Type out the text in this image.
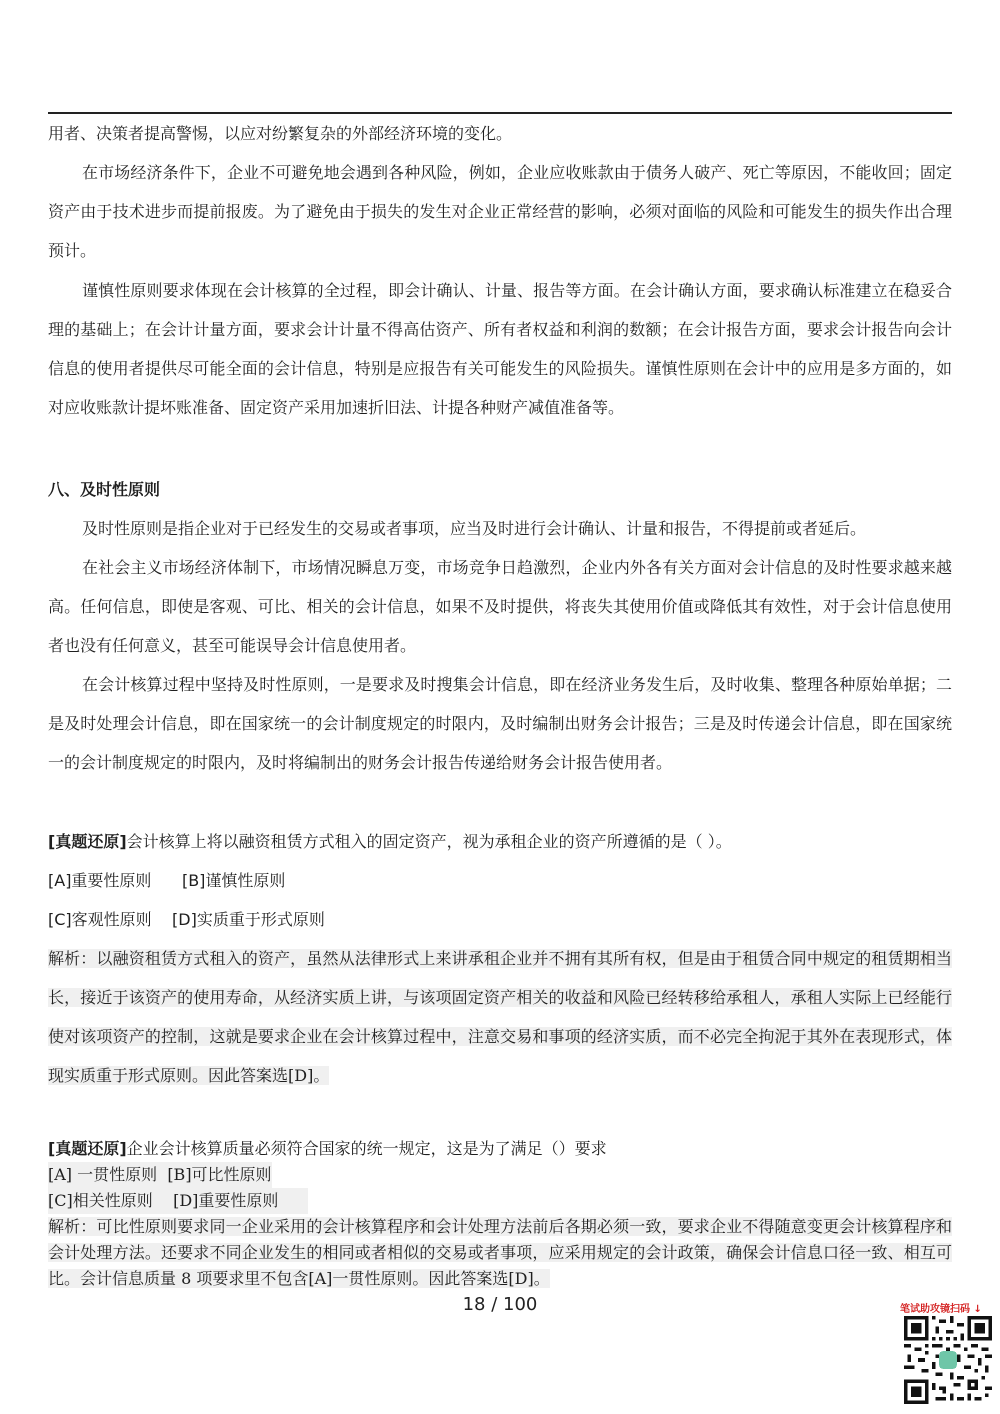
用者、决策者提高警惕，以应对纷繁复杂的外部经济环境的变化。

在市场经济条件下，企业不可避免地会遇到各种风险，例如，企业应收账款由于债务人破产、死亡等原因，不能收回；固定资产由于技术进步而提前报废。为了避免由于损失的发生对企业正常经营的影响，必须对面临的风险和可能发生的损失作出合理预计。

谨慎性原则要求体现在会计核算的全过程，即会计确认、计量、报告等方面。在会计确认方面，要求确认标准建立在稳妥合理的基础上；在会计计量方面，要求会计计量不得高估资产、所有者权益和利润的数额；在会计报告方面，要求会计报告向会计信息的使用者提供尽可能全面的会计信息，特别是应报告有关可能发生的风险损失。谨慎性原则在会计中的应用是多方面的，如对应收账款计提坏账准备、固定资产采用加速折旧法、计提各种财产减值准备等。

八、及时性原则

及时性原则是指企业对于已经发生的交易或者事项，应当及时进行会计确认、计量和报告，不得提前或者延后。

在社会主义市场经济体制下，市场情况瞬息万变，市场竞争日趋激烈，企业内外各有关方面对会计信息的及时性要求越来越高。任何信息，即使是客观、可比、相关的会计信息，如果不及时提供，将丧失其使用价值或降低其有效性，对于会计信息使用者也没有任何意义，甚至可能误导会计信息使用者。

在会计核算过程中坚持及时性原则，一是要求及时搜集会计信息，即在经济业务发生后，及时收集、整理各种原始单据；二是及时处理会计信息，即在国家统一的会计制度规定的时限内，及时编制出财务会计报告；三是及时传递会计信息，即在国家统一的会计制度规定的时限内，及时将编制出的财务会计报告传递给财务会计报告使用者。

[真题还原]会计核算上将以融资租赁方式租入的固定资产，视为承租企业的资产所遵循的是（ ）。
[A]重要性原则 [B]谨慎性原则
[C]客观性原则 [D]实质重于形式原则
解析：以融资租赁方式租入的资产，虽然从法律形式上来讲承租企业并不拥有其所有权，但是由于租赁合同中规定的租赁期相当长，接近于该资产的使用寿命，从经济实质上讲，与该项固定资产相关的收益和风险已经转移给承租人，承租人实际上已经能行使对该项资产的控制，这就是要求企业在会计核算过程中，注意交易和事项的经济实质，而不必完全拘泥于其外在表现形式，体现实质重于形式原则。因此答案选[D]。
[真题还原]企业会计核算质量必须符合国家的统一规定，这是为了满足（）要求
[A] 一贯性原则 [B]可比性原则
[C]相关性原则 [D]重要性原则
解析：可比性原则要求同一企业采用的会计核算程序和会计处理方法前后各期必须一致，要求企业不得随意变更会计核算程序和会计处理方法。还要求不同企业发生的相同或者相似的交易或者事项，应采用规定的会计政策，确保会计信息口径一致、相互可比。会计信息质量 8 项要求里不包含[A]一贯性原则。因此答案选[D]。
18 / 100	笔试助攻镜扫码 ↓
